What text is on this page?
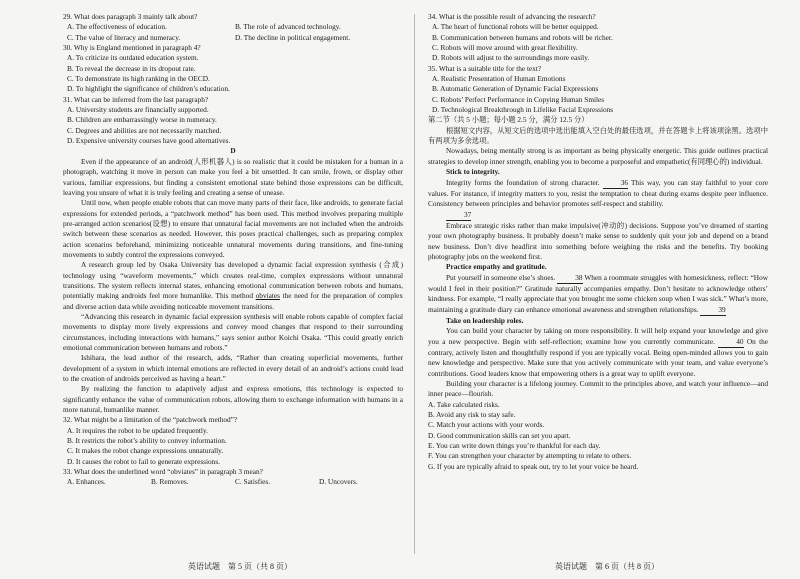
29. What does paragraph 3 mainly talk about?

A. The effectiveness of education.	B. The role of advanced technology.
C. The value of literacy and numeracy.	D. The decline in political engagement.

30. Why is England mentioned in paragraph 4?

A. To criticize its outdated education system.

B. To reveal the decrease in its dropout rate.

C. To demonstrate its high ranking in the OECD.

D. To highlight the significance of children’s education.

31. What can be inferred from the last paragraph?

A. University students are financially supported.

B. Children are embarrassingly worse in numeracy.

C. Degrees and abilities are not necessarily matched.

D. Expensive university courses have good alternatives.

D

Even if the appearance of an android(人形机器人) is so realistic that it could be mistaken for a human in a photograph, watching it move in person can make you feel a bit unsettled. It can smile, frown, or display other various, familiar expressions, but finding a consistent emotional state behind those expressions can be difficult, leaving you unsure of what it is truly feeling and creating a sense of unease.

Until now, when people enable robots that can move many parts of their face, like androids, to generate facial expressions for extended periods, a “patchwork method” has been used. This method involves preparing multiple pre-arranged action scenarios(设想) to ensure that unnatural facial movements are not included when the androids switch between these scenarios as needed. However, this poses practical challenges, such as preparing complex action scenarios beforehand, minimizing noticeable unnatural movements during transitions, and fine-tuning movements to subtly control the expressions conveyed.

A research group led by Osaka University has developed a dynamic facial expression synthesis (合成) technology using “waveform movements,” which creates real-time, complex expressions without unnatural transitions. The system reflects internal states, enhancing emotional communication between robots and humans, potentially making androids feel more humanlike. This method obviates the need for the preparation of complex and diverse action data while avoiding noticeable movement transitions.

“Advancing this research in dynamic facial expression synthesis will enable robots capable of complex facial movements to display more lively expressions and convey mood changes that respond to their surrounding circumstances, including interactions with humans,” says senior author Koichi Osaka. “This could greatly enrich emotional communication between humans and robots.”

Ishihara, the lead author of the research, adds, “Rather than creating superficial movements, further development of a system in which internal emotions are reflected in every detail of an android’s actions could lead to the creation of androids perceived as having a heart.”

By realizing the function to adaptively adjust and express emotions, this technology is expected to significantly enhance the value of communication robots, allowing them to exchange information with humans in a more natural, humanlike manner.

32. What might be a limitation of the “patchwork method”?

A. It requires the robot to be updated frequently.

B. It restricts the robot’s ability to convey information.

C. It makes the robot change expressions unnaturally.

D. It causes the robot to fail to generate expressions.

33. What does the underlined word “obviates” in paragraph 3 mean?

A. Enhances.	B. Removes.	C. Satisfies.	D. Uncovers.

34. What is the possible result of advancing the research?

A. The heart of functional robots will be better equipped.

B. Communication between humans and robots will be richer.

C. Robots will move around with great flexibility.

D. Robots will adjust to the surroundings more easily.

35. What is a suitable title for the text?

A. Realistic Presentation of Human Emotions

B. Automatic Generation of Dynamic Facial Expressions

C. Robots’ Perfect Performance in Copying Human Smiles

D. Technological Breakthrough in Lifelike Facial Expressions

第二节（共 5 小题；每小题 2.5 分，满分 12.5 分）

根据短文内容，从短文后的选项中选出能填入空白处的最佳选项，并在答题卡上将该项涂黑。选项中有两项为多余选项。

Nowadays, being mentally strong is as important as being physically energetic. This guide outlines practical strategies to develop inner strength, enabling you to become a purposeful and empathetic(有同理心的) individual.

Stick to integrity.

Integrity forms the foundation of strong character.	36 This way, you can stay faithful to your core values. For instance, if integrity matters to you, resist the temptation to cheat during exams despite peer influence. Consistency between principles and behavior promotes self-respect and stability.

37

Embrace strategic risks rather than make impulsive(冲动的) decisions. Suppose you’ve dreamed of starting your own photography business. It probably doesn’t make sense to suddenly quit your job and depend on a brand new business. Don’t dive headfirst into something before weighing the risks and the benefits. Try booking photography jobs on the weekend first.

Practice empathy and gratitude.

Put yourself in someone else’s shoes.	38 When a roommate struggles with homesickness, reflect: “How would I feel in their position?” Gratitude naturally accompanies empathy. Don’t hesitate to acknowledge others’ kindness. For example, “I really appreciate that you brought me some chicken soup when I was sick.” What’s more, maintaining a gratitude diary can enhance emotional awareness and strengthen relationships.	39

Take on leadership roles.

You can build your character by taking on more responsibility. It will help expand your knowledge and give you a new perspective. Begin with self-reflection; examine how you currently communicate.	40 On the contrary, actively listen and thoughtfully respond if you are typically vocal. Being open-minded allows you to gain new knowledge and perspective. Make sure that you actively communicate with your team, and value everyone’s contributions. Good leaders know that empowering others is a great way to uplift everyone.

Building your character is a lifelong journey. Commit to the principles above, and watch your influence—and inner peace—flourish.

A. Take calculated risks.

B. Avoid any risk to stay safe.

C. Match your actions with your words.

D. Good communication skills can set you apart.

E. You can write down things you’re thankful for each day.

F. You can strengthen your character by attempting to relate to others.

G. If you are typically afraid to speak out, try to let your voice be heard.

英语试题　第 5 页（共 8 页）	英语试题　第 6 页（共 8 页）
